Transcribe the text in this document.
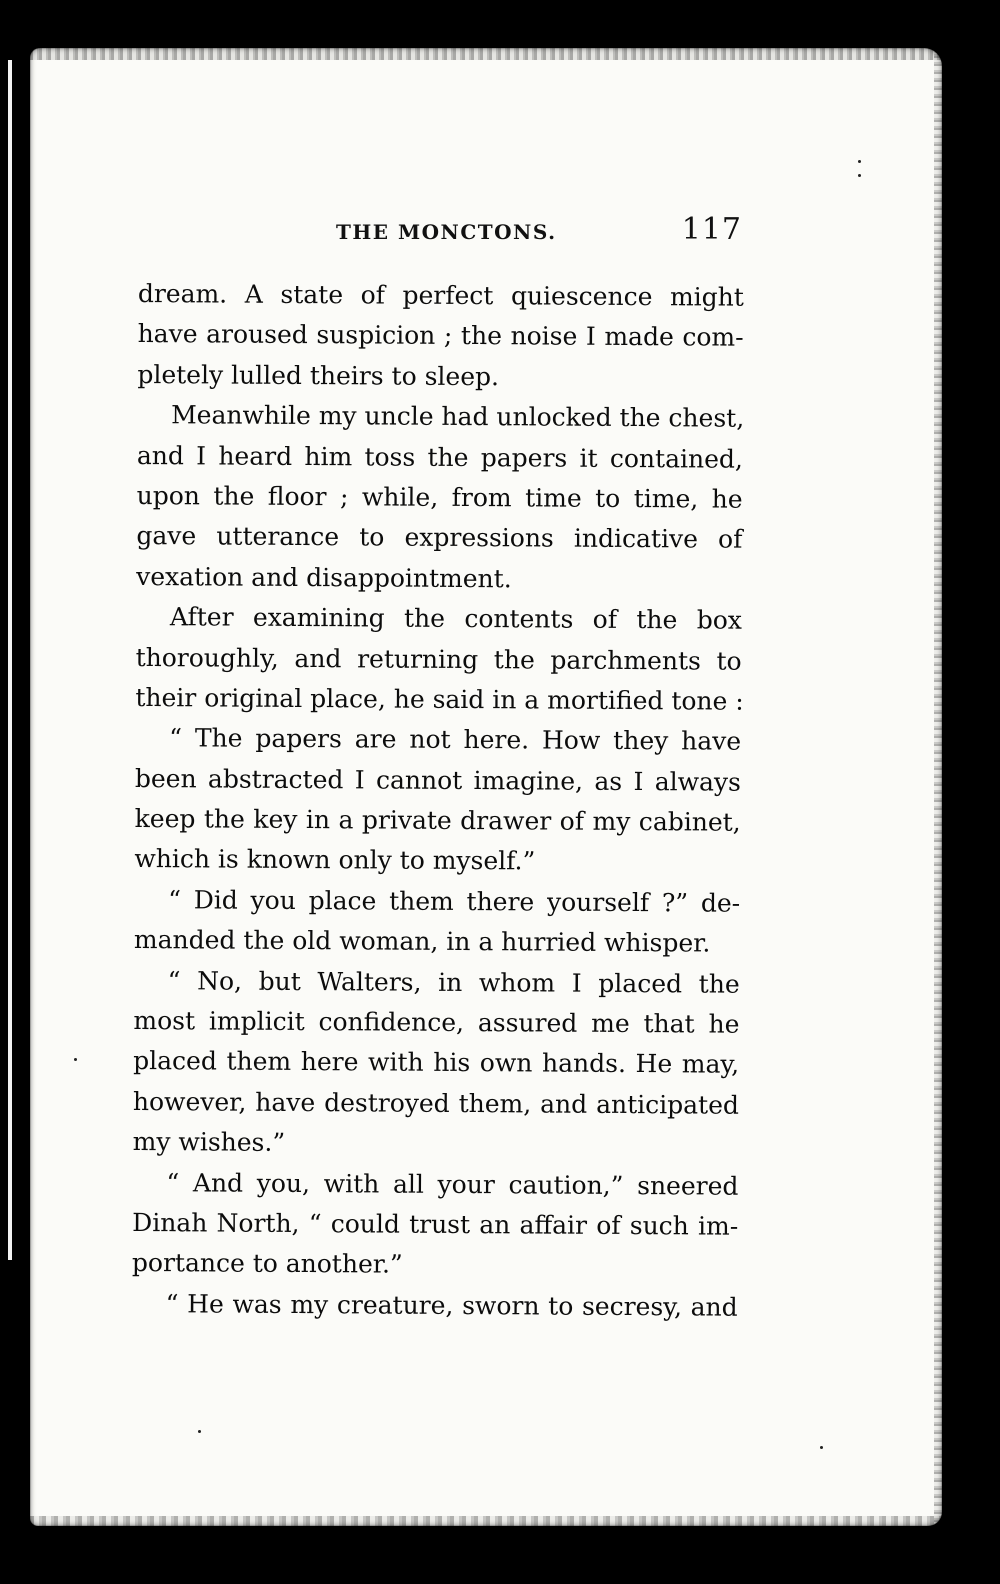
THE MONCTONS.	117
dream. A state of perfect quiescence might
have aroused suspicion ; the noise I made com-
pletely lulled theirs to sleep.
Meanwhile my uncle had unlocked the chest,
and I heard him toss the papers it contained,
upon the floor ; while, from time to time, he
gave utterance to expressions indicative of
vexation and disappointment.
After examining the contents of the box
thoroughly, and returning the parchments to
their original place, he said in a mortified tone :
“ The papers are not here. How they have
been abstracted I cannot imagine, as I always
keep the key in a private drawer of my cabinet,
which is known only to myself.”
“ Did you place them there yourself ?” de-
manded the old woman, in a hurried whisper.
“ No, but Walters, in whom I placed the
most implicit confidence, assured me that he
placed them here with his own hands. He may,
however, have destroyed them, and anticipated
my wishes.”
“ And you, with all your caution,” sneered
Dinah North, “ could trust an affair of such im-
portance to another.”
“ He was my creature, sworn to secresy, and
